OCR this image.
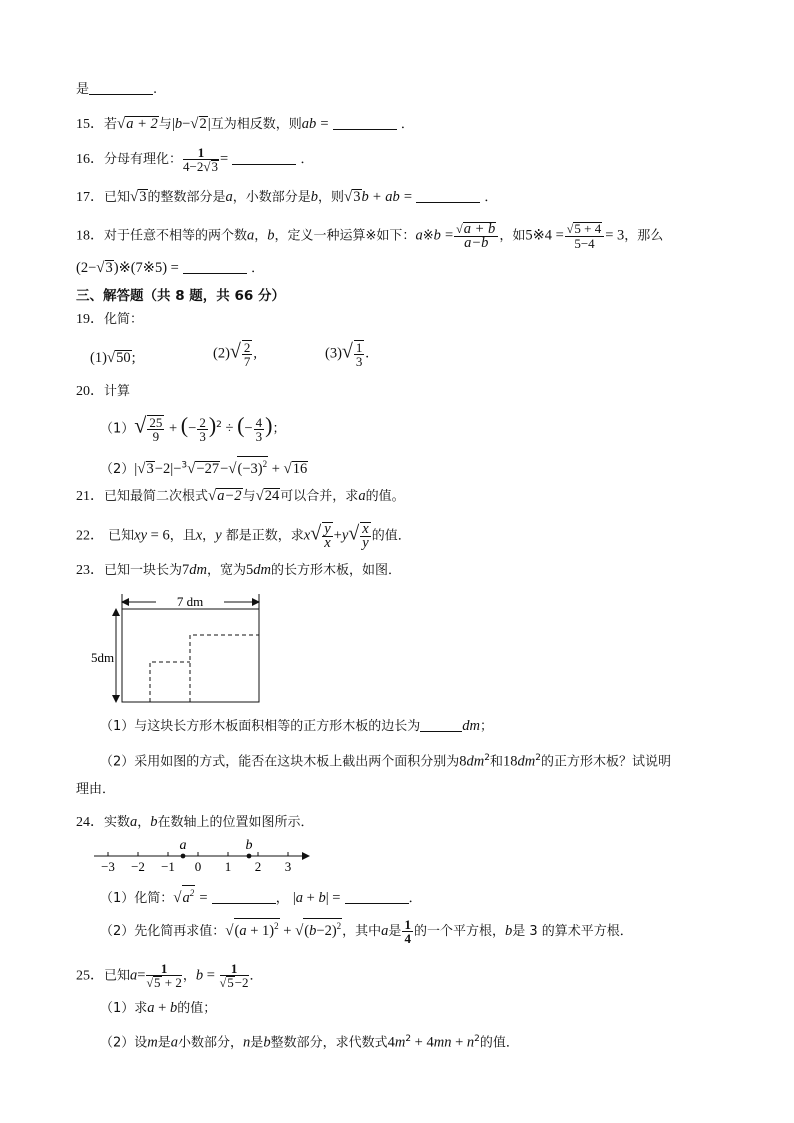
是	.
15．若√a + 2与|b−√2|互为相反数，则ab =	．
16．分母有理化： $\frac{1}{4-2√3}$ =	．
17．已知√3的整数部分是a，小数部分是b，则√3b + ab =	．
18．对于任意不相等的两个数a，b，定义一种运算※如下：a※b = $\frac{√a + b}{a-b}$ ，如5※4 = $\frac{√5 + 4}{5-4} = 3$，那么
(2−√3)※(7※5) =	．
三、解答题（共 8 题，共 66 分）
19．化简：
(1)√50;	$(2)√ \frac{2}{7}$ ,	$(3)√ \frac{1}{3}$ .
20．计算
$(1)√ \frac{25}{9}$ + (− $\frac{2}{3} )^2$ ÷ (− $\frac{4}{3}$ )；
$(2)|√3-2|-^3√-27-√(-3)^2 + √16$
21．已知最简二次根式√a−2与√24可以合并，求a的值。
22． 已知xy = 6，且x，y 都是正数，求$x√ \frac{y}{x} +y√ \frac{x}{y}$ 的值．
23．已知一块长为7dm，宽为5dm的长方形木板，如图．
7 dm
5dm
（1）与这块长方形木板面积相等的正方形木板的边长为	dm；
（2）采用如图的方式，能否在这块木板上截出两个面积分别为$8dm^2$和$18dm^2$的正方形木板？试说明
理由．
24．实数a，b在数轴上的位置如图所示．
−3 −2 −1 0 1 2 3
a	b
（1）化简：$√a^2$ =	， |a + b| =	．
（2）先化简再求值：$√(a + 1)^2 + √(b-2)^2$，其中a是 $\frac{1}{4}$ 的一个平方根，b是 3 的算术平方根．
25．已知$a= \frac{1}{√5 + 2}$ ，$b = \frac{1}{√5-2}$ ．
（1）求a + b的值；
（2）设m是a小数部分，n是b整数部分，求代数式$4m^2 + 4mn + n^2$的值．
